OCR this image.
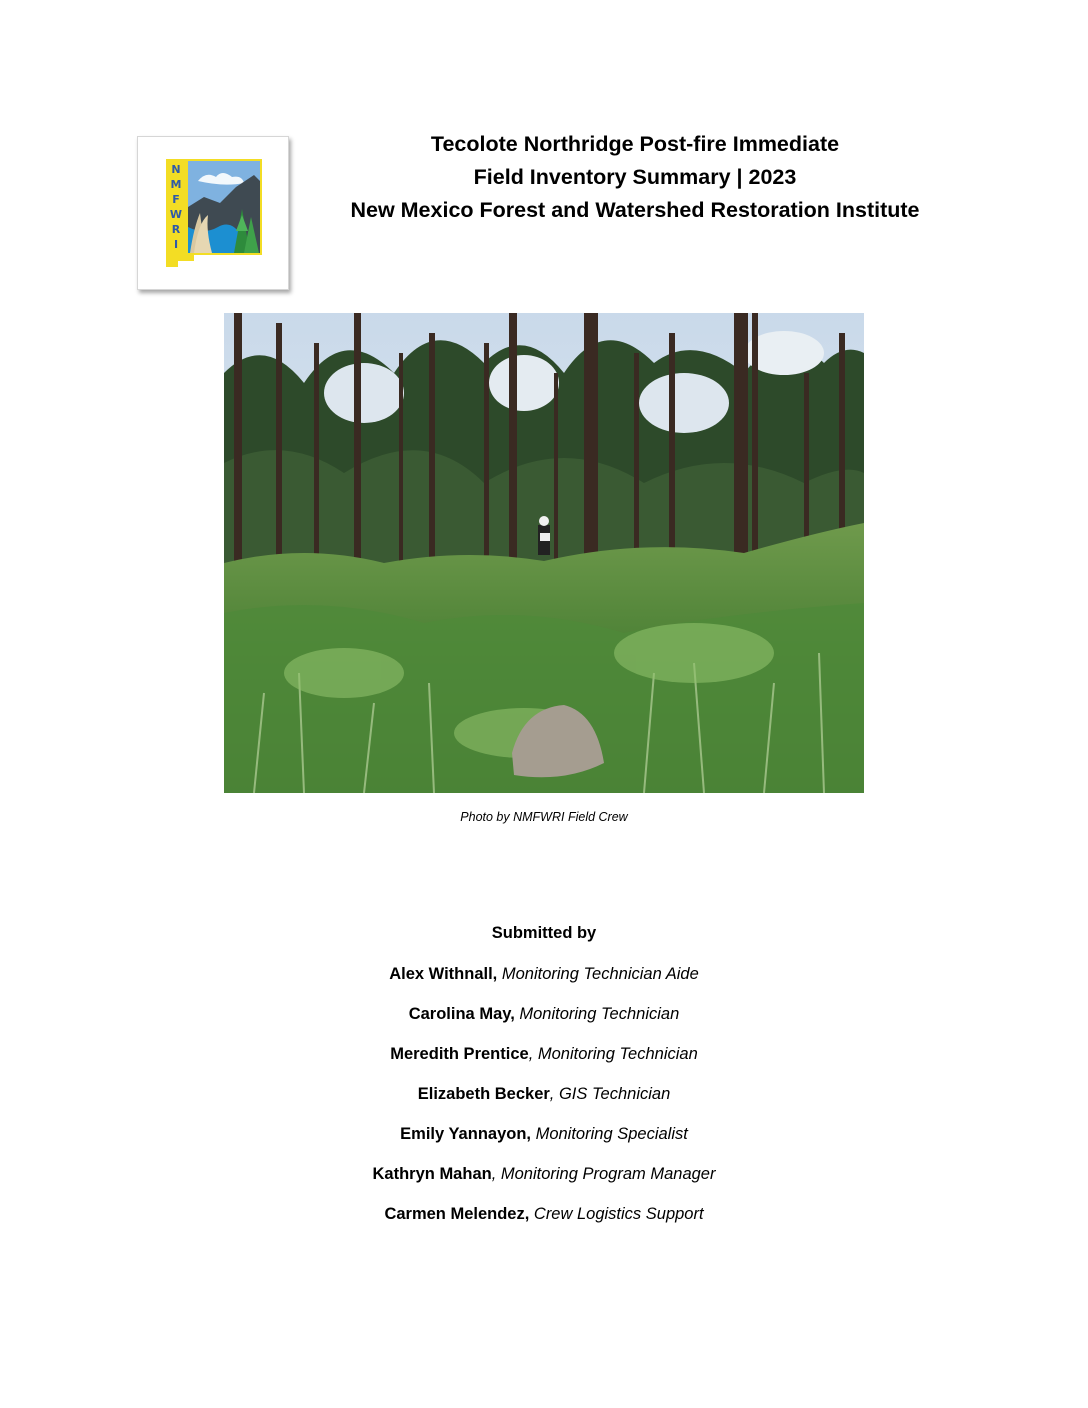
N
M
F
W
R
I
Tecolote Northridge Post-fire Immediate
Field Inventory Summary | 2023
New Mexico Forest and Watershed Restoration Institute
Photo by NMFWRI Field Crew
Submitted by
Alex Withnall, Monitoring Technician Aide
Carolina May, Monitoring Technician
Meredith Prentice, Monitoring Technician
Elizabeth Becker, GIS Technician
Emily Yannayon, Monitoring Specialist
Kathryn Mahan, Monitoring Program Manager
Carmen Melendez, Crew Logistics Support
